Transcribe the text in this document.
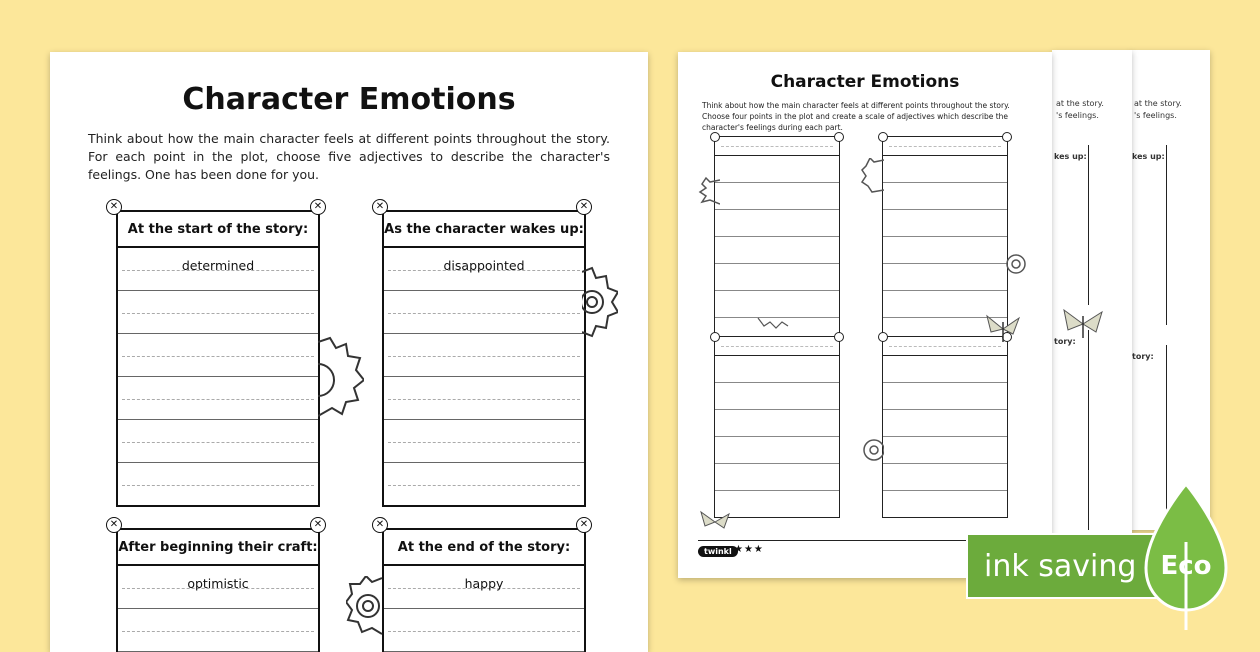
at the story.
's feelings.
kes up:
tory:
at the story.
's feelings.
kes up:
tory:
Character Emotions
Think about how the main character feels at different points throughout the story. Choose four points in the plot and create a scale of adjectives which describe the character's feelings during each part.
twinkl ★★★
Character Emotions
Think about how the main character feels at different points throughout the story. For each point in the plot, choose five adjectives to describe the character's feelings. One has been done for you.
At the start of the story:
determined
✕	✕
As the character wakes up:
disappointed
✕	✕
After beginning their craft:
optimistic
✕	✕
At the end of the story:
happy
✕	✕
ink saving Eco
